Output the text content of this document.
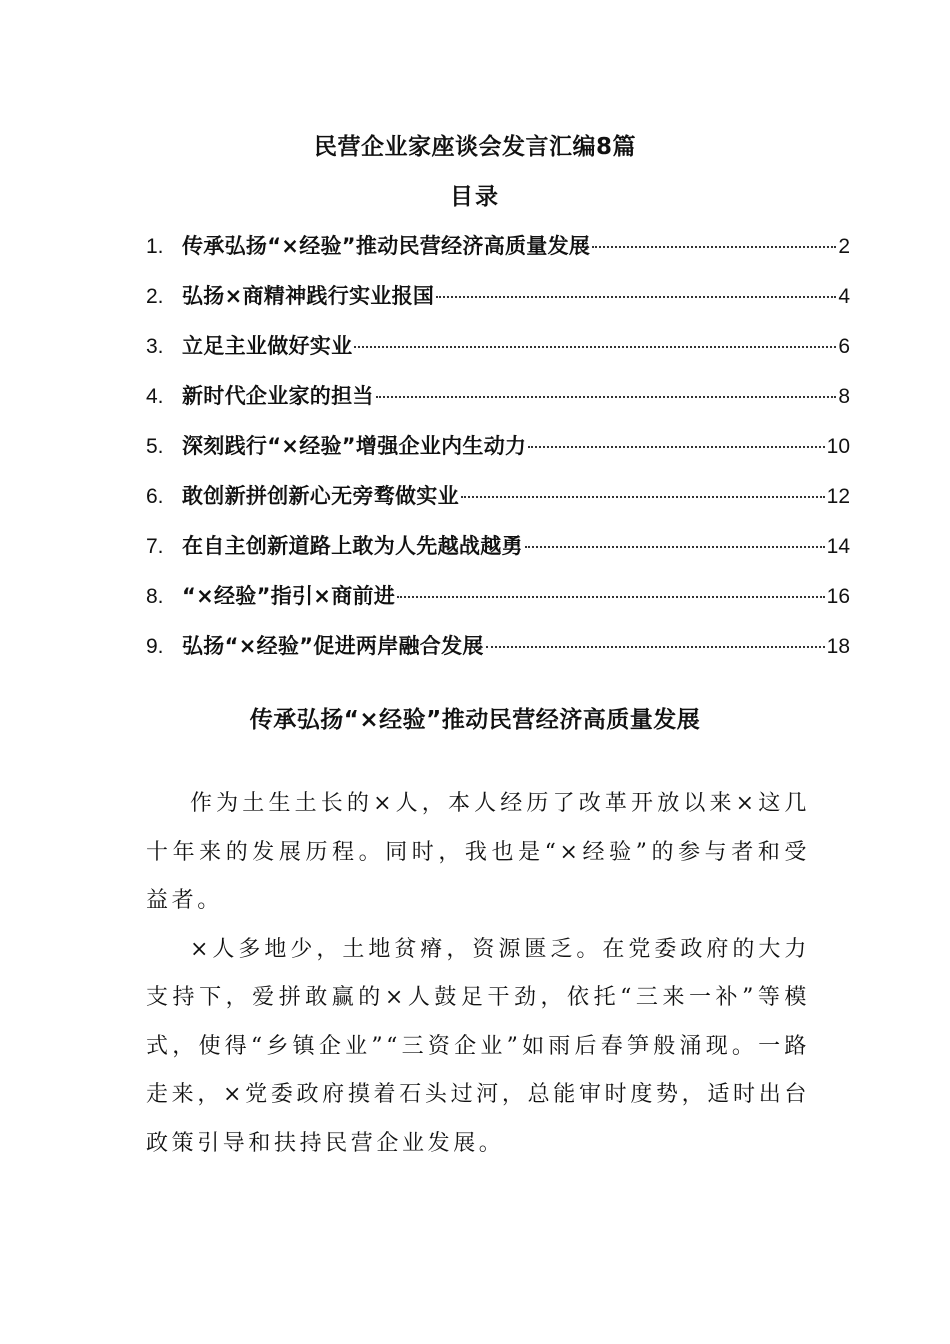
民营企业家座谈会发言汇编8篇
目录
1. 传承弘扬“×经验”推动民营经济高质量发展	2
2. 弘扬×商精神践行实业报国	4
3. 立足主业做好实业	6
4. 新时代企业家的担当	8
5. 深刻践行“×经验”增强企业内生动力	10
6. 敢创新拼创新心无旁骛做实业	12
7. 在自主创新道路上敢为人先越战越勇	14
8. “×经验”指引×商前进	16
9. 弘扬“×经验”促进两岸融合发展	18
传承弘扬“×经验”推动民营经济高质量发展

作为土生土长的×人，本人经历了改革开放以来×这几十年来的发展历程。同时，我也是“×经验”的参与者和受益者。

×人多地少，土地贫瘠，资源匮乏。在党委政府的大力支持下，爱拼敢赢的×人鼓足干劲，依托“三来一补”等模式，使得“乡镇企业”“三资企业”如雨后春笋般涌现。一路走来，×党委政府摸着石头过河，总能审时度势，适时出台政策引导和扶持民营企业发展。
